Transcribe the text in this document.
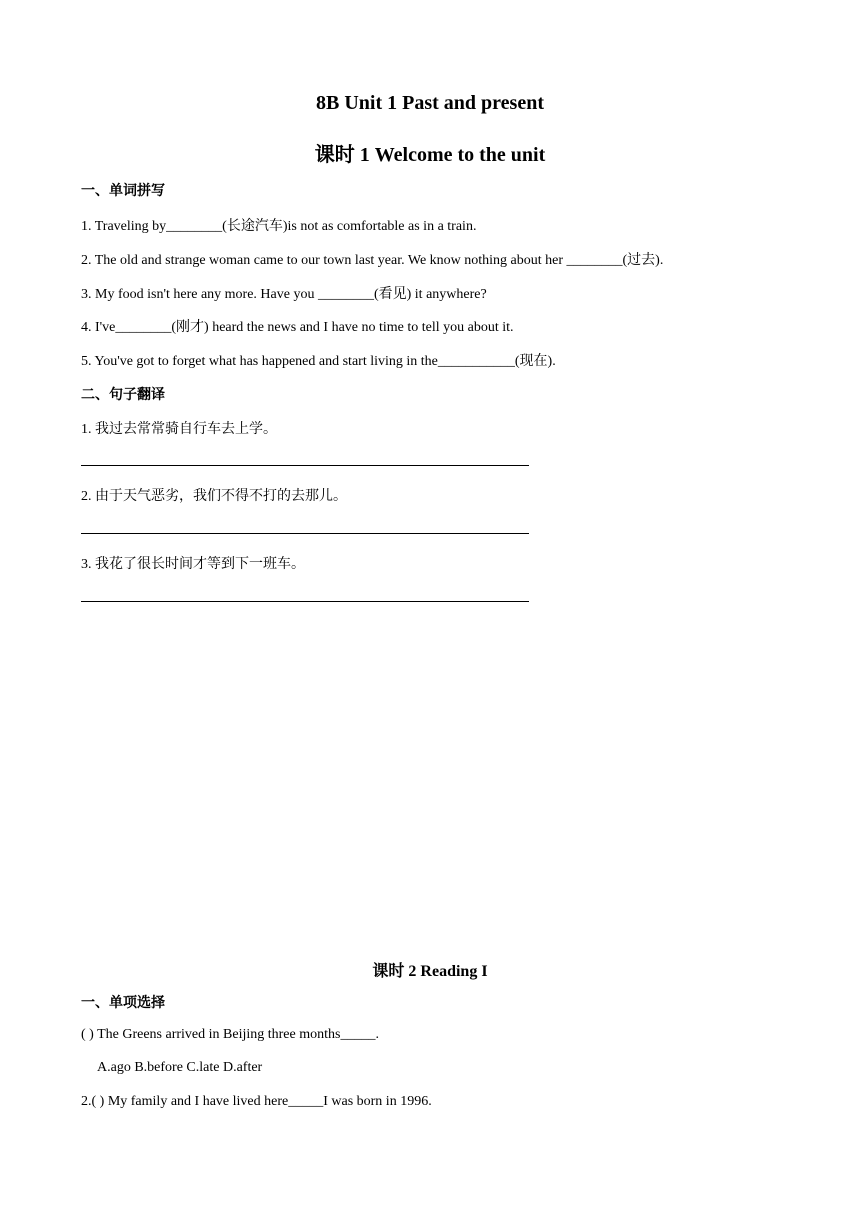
8B Unit 1 Past and present
课时 1 Welcome to the unit
一、单词拼写
1. Traveling by________(长途汽车)is not as comfortable as in a train.
2. The old and strange woman came to our town last year. We know nothing about her ________(过去).
3. My food isn't here any more. Have you ________(看见) it anywhere?
4. I've________(刚才) heard the news and I have no time to tell you about it.
5. You've got to forget what has happened and start living in the___________(现在).
二、句子翻译
1. 我过去常常骑自行车去上学。
2. 由于天气恶劣，我们不得不打的去那儿。
3. 我花了很长时间才等到下一班车。
课时 2 Reading I
一、单项选择
( ) The Greens arrived in Beijing three months_____.
A.ago B.before C.late D.after
2.( ) My family and I have lived here_____I was born in 1996.
